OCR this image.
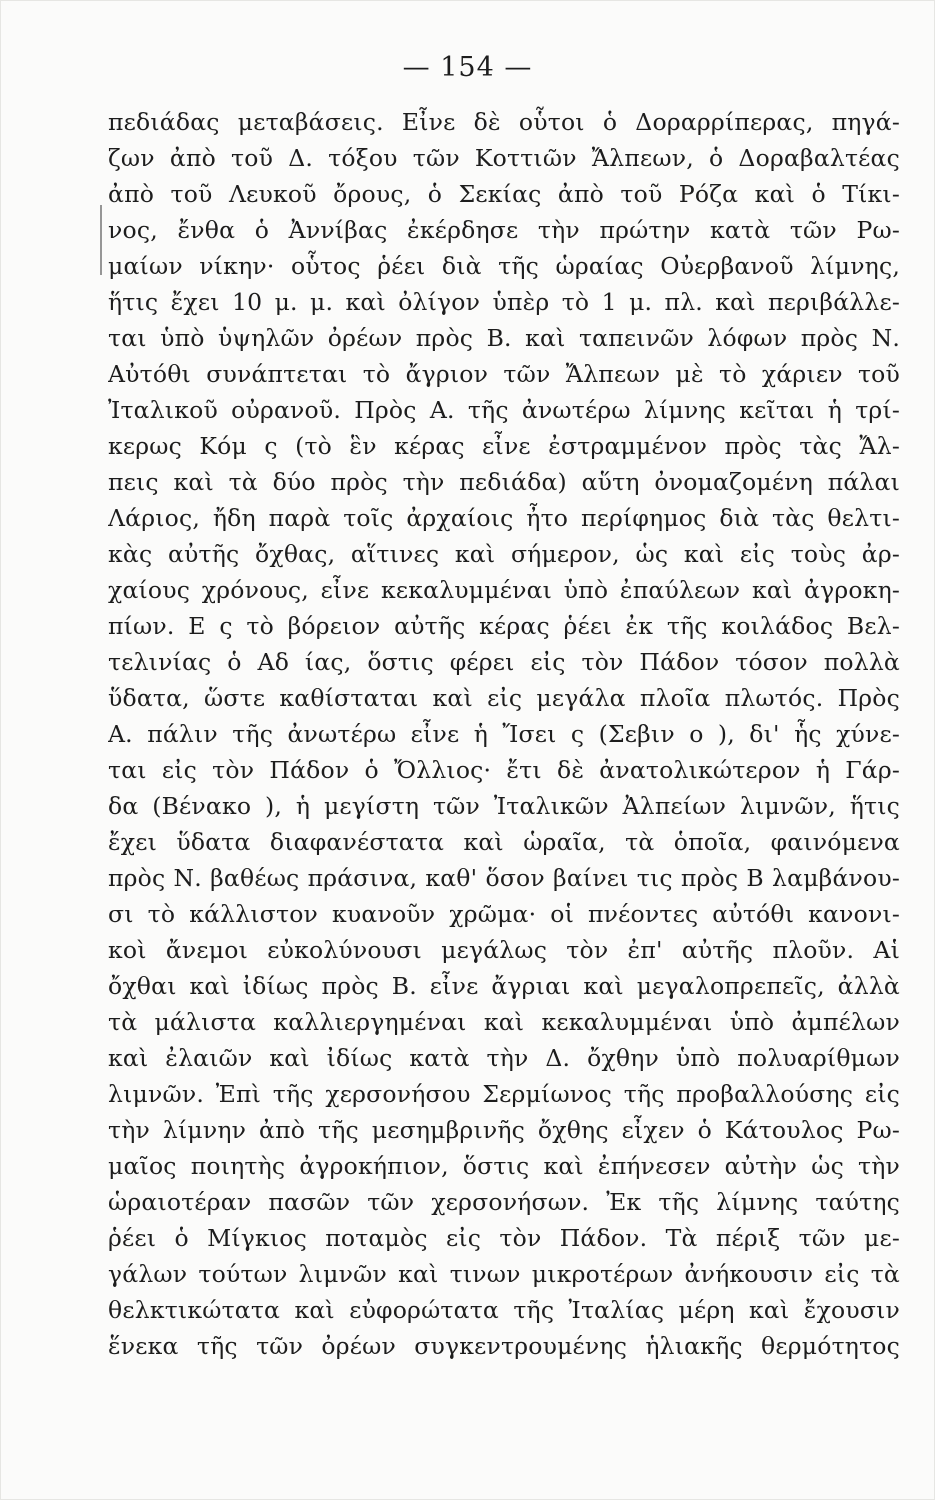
— 154 —
πεδιάδας μεταβάσεις. Εἶνε δὲ οὗτοι ὁ Δοραρρίπερας, πηγά-
ζων ἀπὸ τοῦ Δ. τόξου τῶν Κοττιῶν Ἄλπεων, ὁ Δοραβαλτέας
ἀπὸ τοῦ Λευκοῦ ὄρους, ὁ Σεκίας ἀπὸ τοῦ Ρόζα καὶ ὁ Τίκι-
νος, ἔνθα ὁ Ἀννίβας ἐκέρδησε τὴν πρώτην κατὰ τῶν Ρω-
μαίων νίκην· οὗτος ῥέει διὰ τῆς ὡραίας Οὐερβανοῦ λίμνης,
ἥτις ἔχει 10 μ. μ. καὶ ὀλίγον ὑπὲρ τὸ 1 μ. πλ. καὶ περιβάλλε-
ται ὑπὸ ὑψηλῶν ὀρέων πρὸς Β. καὶ ταπεινῶν λόφων πρὸς Ν.
Αὐτόθι συνάπτεται τὸ ἄγριον τῶν Ἄλπεων μὲ τὸ χάριεν τοῦ
Ἰταλικοῦ οὐρανοῦ. Πρὸς Α. τῆς ἀνωτέρω λίμνης κεῖται ἡ τρί-
κερως Κόμ ς (τὸ ἓν κέρας εἶνε ἐστραμμένον πρὸς τὰς Ἄλ-
πεις καὶ τὰ δύο πρὸς τὴν πεδιάδα) αὕτη ὀνομαζομένη πάλαι
Λάριος, ἤδη παρὰ τοῖς ἀρχαίοις ἦτο περίφημος διὰ τὰς θελτι-
κὰς αὐτῆς ὄχθας, αἵτινες καὶ σήμερον, ὡς καὶ εἰς τοὺς ἀρ-
χαίους χρόνους, εἶνε κεκαλυμμέναι ὑπὸ ἐπαύλεων καὶ ἀγροκη-
πίων. Ε ς τὸ βόρειον αὐτῆς κέρας ῥέει ἐκ τῆς κοιλάδος Βελ-
τελινίας ὁ Αδ ίας, ὅστις φέρει εἰς τὸν Πάδον τόσον πολλὰ
ὕδατα, ὥστε καθίσταται καὶ εἰς μεγάλα πλοῖα πλωτός. Πρὸς
Α. πάλιν τῆς ἀνωτέρω εἶνε ἡ Ἴσει ς (Σεβιν ο ), δι' ἧς χύνε-
ται εἰς τὸν Πάδον ὁ Ὄλλιος· ἔτι δὲ ἀνατολικώτερον ἡ Γάρ-
δα (Βένακο ), ἡ μεγίστη τῶν Ἰταλικῶν Ἀλπείων λιμνῶν, ἥτις
ἔχει ὕδατα διαφανέστατα καὶ ὡραῖα, τὰ ὁποῖα, φαινόμενα
πρὸς Ν. βαθέως πράσινα, καθ' ὅσον βαίνει τις πρὸς Β λαμβάνου-
σι τὸ κάλλιστον κυανοῦν χρῶμα· οἱ πνέοντες αὐτόθι κανονι-
κοὶ ἄνεμοι εὐκολύνουσι μεγάλως τὸν ἐπ' αὐτῆς πλοῦν. Αἱ
ὄχθαι καὶ ἰδίως πρὸς Β. εἶνε ἄγριαι καὶ μεγαλοπρεπεῖς, ἀλλὰ
τὰ μάλιστα καλλιεργημέναι καὶ κεκαλυμμέναι ὑπὸ ἀμπέλων
καὶ ἐλαιῶν καὶ ἰδίως κατὰ τὴν Δ. ὄχθην ὑπὸ πολυαρίθμων
λιμνῶν. Ἐπὶ τῆς χερσονήσου Σερμίωνος τῆς προβαλλούσης εἰς
τὴν λίμνην ἀπὸ τῆς μεσημβρινῆς ὄχθης εἶχεν ὁ Κάτουλος Ρω-
μαῖος ποιητὴς ἀγροκήπιον, ὅστις καὶ ἐπήνεσεν αὐτὴν ὡς τὴν
ὡραιοτέραν πασῶν τῶν χερσονήσων. Ἐκ τῆς λίμνης ταύτης
ῥέει ὁ Μίγκιος ποταμὸς εἰς τὸν Πάδον. Τὰ πέριξ τῶν με-
γάλων τούτων λιμνῶν καὶ τινων μικροτέρων ἀνήκουσιν εἰς τὰ
θελκτικώτατα καὶ εὐφορώτατα τῆς Ἰταλίας μέρη καὶ ἔχουσιν
ἕνεκα τῆς τῶν ὀρέων συγκεντρουμένης ἡλιακῆς θερμότητος
